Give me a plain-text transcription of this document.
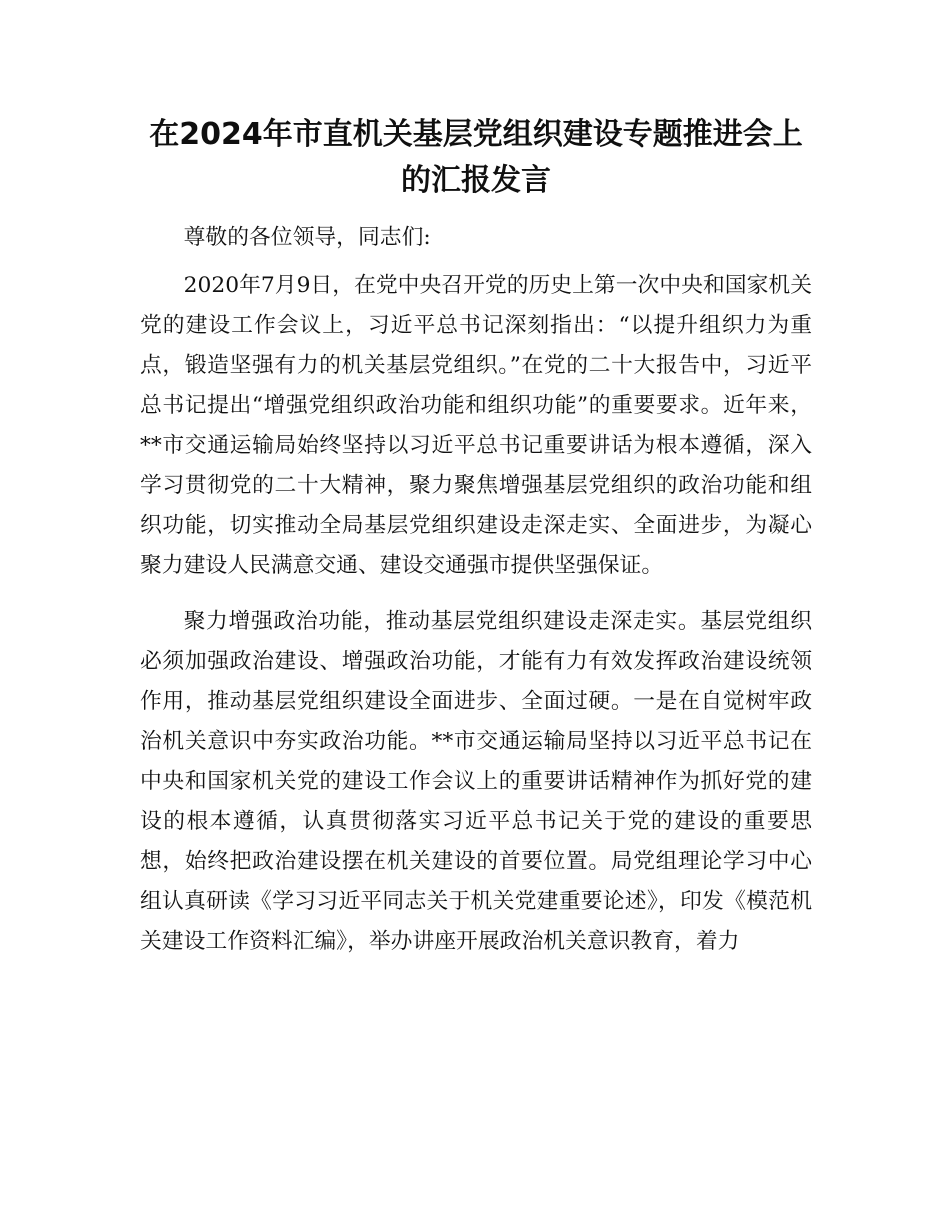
在2024年市直机关基层党组织建设专题推进会上的汇报发言

尊敬的各位领导，同志们:

2020年7月9日，在党中央召开党的历史上第一次中央和国家机关党的建设工作会议上，习近平总书记深刻指出：“以提升组织力为重点，锻造坚强有力的机关基层党组织。”在党的二十大报告中，习近平总书记提出“增强党组织政治功能和组织功能”的重要要求。近年来，**市交通运输局始终坚持以习近平总书记重要讲话为根本遵循，深入学习贯彻党的二十大精神，聚力聚焦增强基层党组织的政治功能和组织功能，切实推动全局基层党组织建设走深走实、全面进步，为凝心聚力建设人民满意交通、建设交通强市提供坚强保证。

聚力增强政治功能，推动基层党组织建设走深走实。基层党组织必须加强政治建设、增强政治功能，才能有力有效发挥政治建设统领作用，推动基层党组织建设全面进步、全面过硬。一是在自觉树牢政治机关意识中夯实政治功能。**市交通运输局坚持以习近平总书记在中央和国家机关党的建设工作会议上的重要讲话精神作为抓好党的建设的根本遵循，认真贯彻落实习近平总书记关于党的建设的重要思想，始终把政治建设摆在机关建设的首要位置。局党组理论学习中心组认真研读《学习习近平同志关于机关党建重要论述》，印发《模范机关建设工作资料汇编》，举办讲座开展政治机关意识教育，着力
